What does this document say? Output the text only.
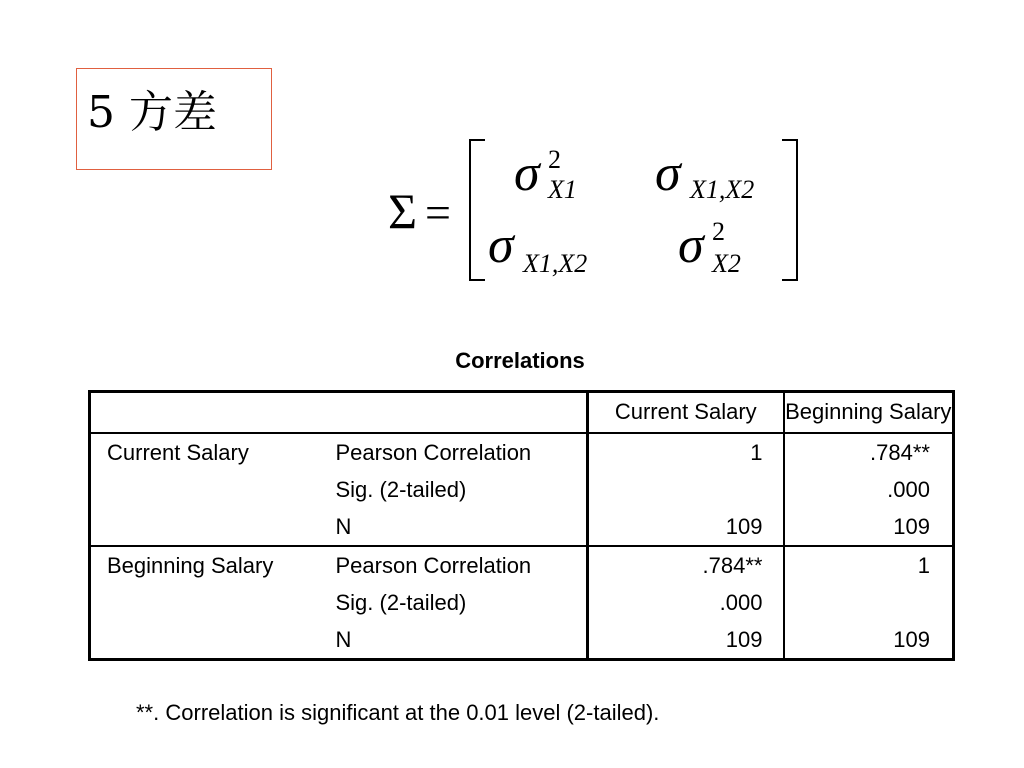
5 方差
Σ =
σ 2
X1 σ X1,X2
σ X1,X2 σ 2
X2
Correlations
		Current Salary	Beginning Salary
Current Salary	Pearson Correlation	1	.784**
	Sig. (2-tailed)		.000
	N	109	109
Beginning Salary	Pearson Correlation	.784**	1
	Sig. (2-tailed)	.000	
	N	109	109
**. Correlation is significant at the 0.01 level (2-tailed).
